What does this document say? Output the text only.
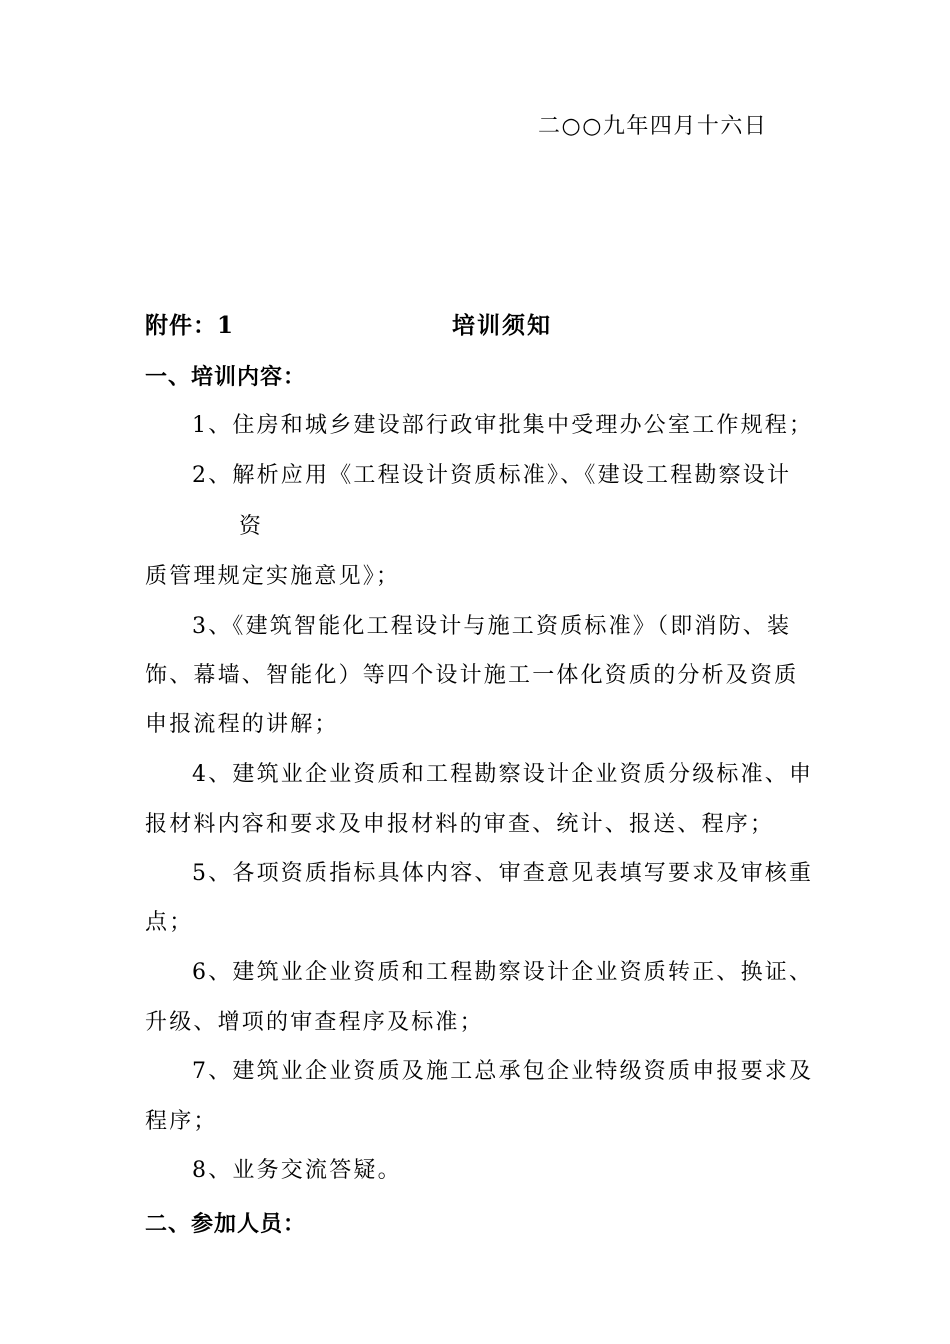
二○○九年四月十六日
附件：1	培训须知
一、培训内容：
1、住房和城乡建设部行政审批集中受理办公室工作规程；
2、解析应用《工程设计资质标准》、《建设工程勘察设计
资
质管理规定实施意见》；
3、《建筑智能化工程设计与施工资质标准》（即消防、装
饰、幕墙、智能化）等四个设计施工一体化资质的分析及资质
申报流程的讲解；
4、建筑业企业资质和工程勘察设计企业资质分级标准、申
报材料内容和要求及申报材料的审查、统计、报送、程序；
5、各项资质指标具体内容、审查意见表填写要求及审核重
点；
6、建筑业企业资质和工程勘察设计企业资质转正、换证、
升级、增项的审查程序及标准；
7、建筑业企业资质及施工总承包企业特级资质申报要求及
程序；
8、业务交流答疑。
二、参加人员：
